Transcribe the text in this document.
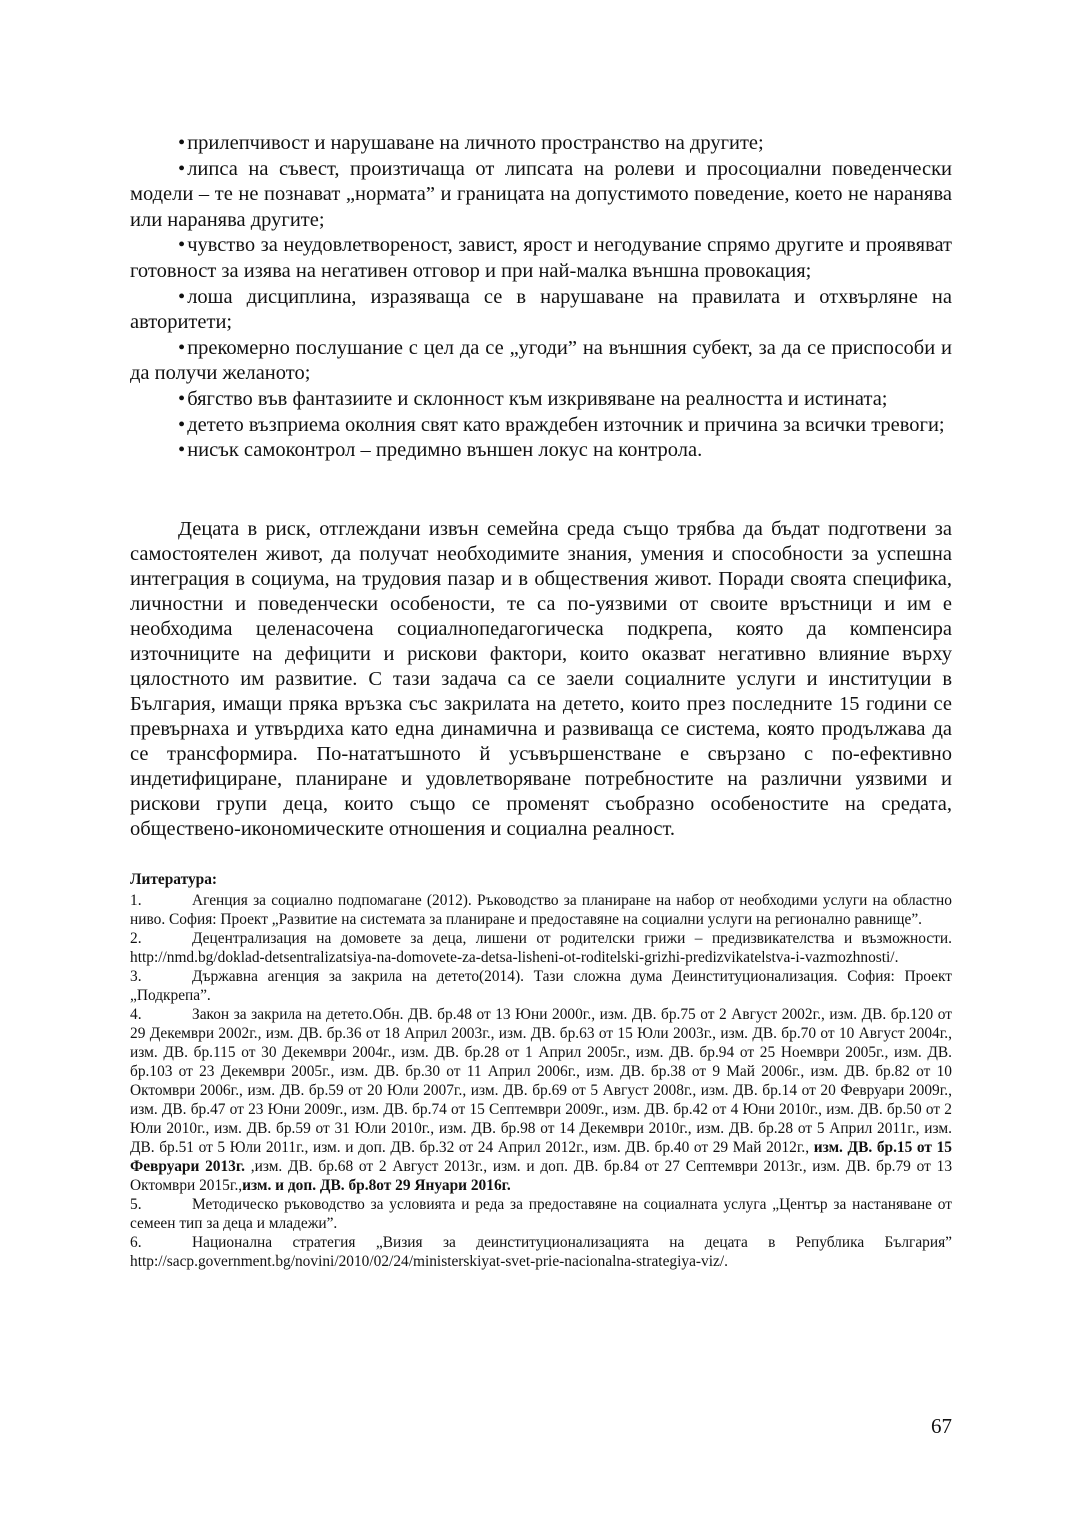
• прилепчивост и нарушаване на личното пространство на другите;

• липса на съвест, произтичаща от липсата на ролеви и просоциални поведенчески модели – те не познават „нормата” и границата на допустимото поведение, което не наранява или наранява другите;

• чувство за неудовлетвореност, завист, ярост и негодувание спрямо другите и проявяват готовност за изява на негативен отговор и при най-малка външна провокация;

• лоша дисциплина, изразяваща се в нарушаване на правилата и отхвърляне на авторитети;

• прекомерно послушание с цел да се „угоди” на външния субект, за да се приспособи и да получи желаното;

• бягство във фантазиите и склонност към изкривяване на реалността и истината;

• детето възприема околния свят като враждебен източник и причина за всички тревоги;

• нисък самоконтрол – предимно външен локус на контрола.

Децата в риск, отглеждани извън семейна среда също трябва да бъдат подготвени за самостоятелен живот, да получат необходимите знания, умения и способности за успешна интеграция в социума, на трудовия пазар и в обществения живот. Поради своята специфика, личностни и поведенчески особености, те са по-уязвими от своите връстници и им е необходима целенасочена социалнопедагогическа подкрепа, която да компенсира източниците на дефицити и рискови фактори, които оказват негативно влияние върху цялостното им развитие. С тази задача са се заели социалните услуги и институции в България, имащи пряка връзка със закрилата на детето, които през последните 15 години се превърнаха и утвърдиха като една динамична и развиваща се система, която продължава да се трансформира. По-нататъшното й усъвършенстване е свързано с по-ефективно индетифициране, планиране и удовлетворяване потребностите на различни уязвими и рискови групи деца, които също се променят съобразно особеностите на средата, обществено-икономическите отношения и социална реалност.

Литература:

1.	Агенция за социално подпомагане (2012). Ръководство за планиране на набор от необходими услуги на областно ниво. София: Проект „Развитие на системата за планиране и предоставяне на социални услуги на регионално равнище”.

2.	Децентрализация на домовете за деца, лишени от родителски грижи – предизвикателства и възможности. http://nmd.bg/doklad-detsentralizatsiya-na-domovete-za-detsa-lisheni-ot-roditelski-grizhi-predizvikatelstva-i-vazmozhnosti/.

3.	Държавна агенция за закрила на детето(2014). Тази сложна дума Деинституционализация. София: Проект „Подкрепа”.

4.	Закон за закрила на детето.Обн. ДВ. бр.48 от 13 Юни 2000г., изм. ДВ. бр.75 от 2 Август 2002г., изм. ДВ. бр.120 от 29 Декември 2002г., изм. ДВ. бр.36 от 18 Април 2003г., изм. ДВ. бр.63 от 15 Юли 2003г., изм. ДВ. бр.70 от 10 Август 2004г., изм. ДВ. бр.115 от 30 Декември 2004г., изм. ДВ. бр.28 от 1 Април 2005г., изм. ДВ. бр.94 от 25 Ноември 2005г., изм. ДВ. бр.103 от 23 Декември 2005г., изм. ДВ. бр.30 от 11 Април 2006г., изм. ДВ. бр.38 от 9 Май 2006г., изм. ДВ. бр.82 от 10 Октомври 2006г., изм. ДВ. бр.59 от 20 Юли 2007г., изм. ДВ. бр.69 от 5 Август 2008г., изм. ДВ. бр.14 от 20 Февруари 2009г., изм. ДВ. бр.47 от 23 Юни 2009г., изм. ДВ. бр.74 от 15 Септември 2009г., изм. ДВ. бр.42 от 4 Юни 2010г., изм. ДВ. бр.50 от 2 Юли 2010г., изм. ДВ. бр.59 от 31 Юли 2010г., изм. ДВ. бр.98 от 14 Декември 2010г., изм. ДВ. бр.28 от 5 Април 2011г., изм. ДВ. бр.51 от 5 Юли 2011г., изм. и доп. ДВ. бр.32 от 24 Април 2012г., изм. ДВ. бр.40 от 29 Май 2012г., изм. ДВ. бр.15 от 15 Февруари 2013г. ,изм. ДВ. бр.68 от 2 Август 2013г., изм. и доп. ДВ. бр.84 от 27 Септември 2013г., изм. ДВ. бр.79 от 13 Октомври 2015г.,изм. и доп. ДВ. бр.8от 29 Януари 2016г.

5.	Методическо ръководство за условията и реда за предоставяне на социалната услуга „Център за настаняване от семеен тип за деца и младежи”.

6.	Национална стратегия „Визия за деинституционализацията на децата в Република България” http://sacp.government.bg/novini/2010/02/24/ministerskiyat-svet-prie-nacionalna-strategiya-viz/.

67
